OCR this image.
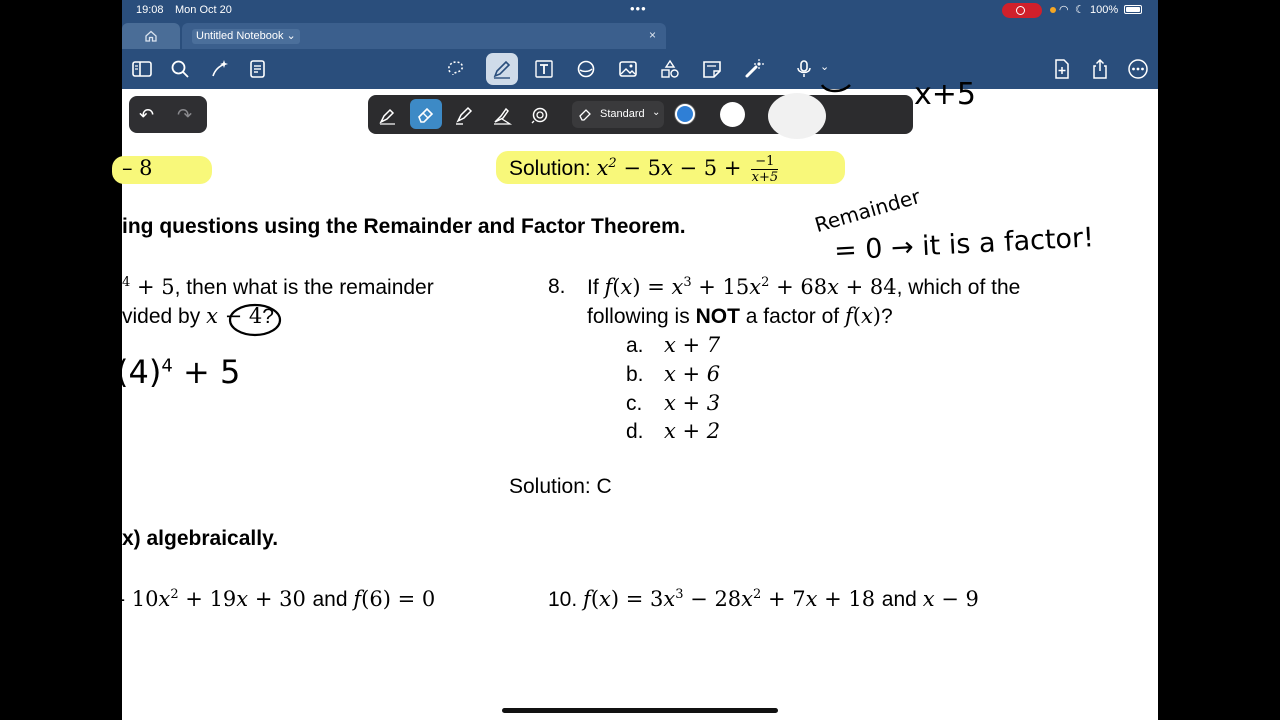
19:08 Mon Oct 20	•••	◠ ☾ 100%
Untitled Notebook ⌄	×
⌄
x+5
– 8	Solution: $x^2 - 5x - 5 + \frac{-1}{x+5}$
ing questions using the Remainder and Factor Theorem.	Remainder
= 0 → it is a factor!
$^4$ + 5, then what is the remainder
vided by x − 4?
$(4)^4 + 5$
8. If $f(x) = x^3 + 15x^2 + 68x + 84$, which of the
following is NOT a factor of f(x)?
a. x + 7
b. x + 6
c. x + 3
d. x + 2
Solution: C
x) algebraically.
- $10x^2 + 19x + 30$ and f(6) = 0	10. $f(x) = 3x^3 - 28x^2 + 7x + 18$ and x − 9
↶ ↷	Standard ⌄
